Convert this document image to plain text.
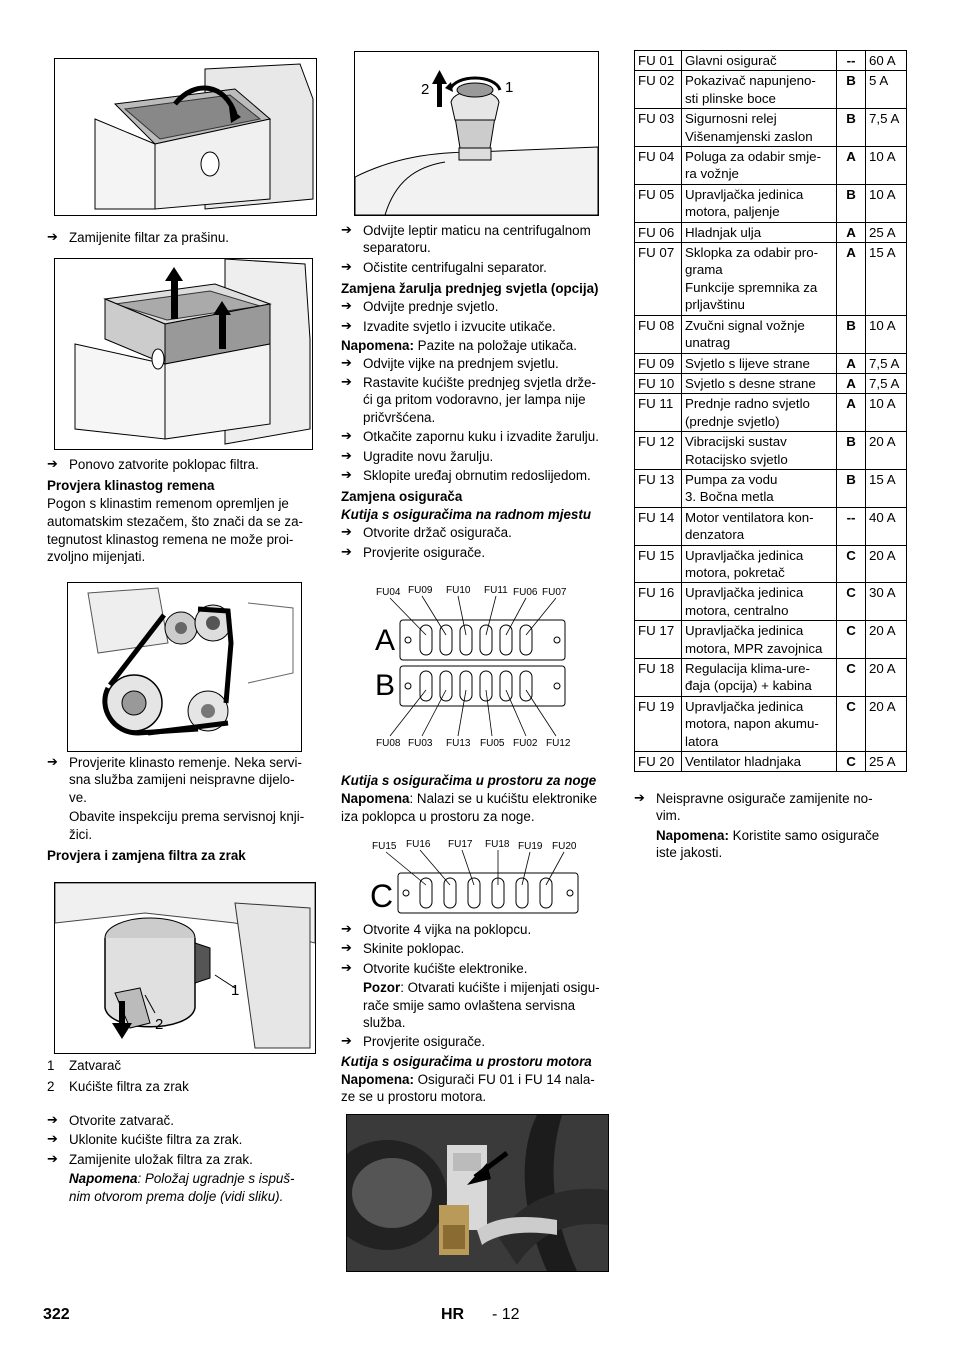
➔ Zamijenite filtar za prašinu.
➔ Ponovo zatvorite poklopac filtra.
Provjera klinastog remena
Pogon s klinastim remenom opremljen je
automatskim stezačem, što znači da se za-
tegnutost klinastog remena ne može proi-
zvoljno mijenjati.
➔ Provjerite klinasto remenje. Neka servi-
sna služba zamijeni neispravne dijelo-
ve.
Obavite inspekciju prema servisnoj knji-
žici.
Provjera i zamjena filtra za zrak
1
2
1 Zatvarač
2 Kućište filtra za zrak
➔ Otvorite zatvarač.
➔ Uklonite kućište filtra za zrak.
➔ Zamijenite uložak filtra za zrak.
Napomena: Položaj ugradnje s ispuš-
nim otvorom prema dolje (vidi sliku).
2	1
➔ Odvijte leptir maticu na centrifugalnom
separatoru.
➔ Očistite centrifugalni separator.
Zamjena žarulja prednjeg svjetla (opcija)
➔ Odvijte prednje svjetlo.
➔ Izvadite svjetlo i izvucite utikače.
Napomena: Pazite na položaje utikača.
➔ Odvijte vijke na prednjem svjetlu.
➔ Rastavite kućište prednjeg svjetla drže-
ći ga pritom vodoravno, jer lampa nije
pričvršćena.
➔ Otkačite zapornu kuku i izvadite žarulju.
➔ Ugradite novu žarulju.
➔ Sklopite uređaj obrnutim redoslijedom.
Zamjena osigurača
Kutija s osiguračima na radnom mjestu
➔ Otvorite držač osigurača.
➔ Provjerite osigurače.
FU04 FU09 FU10 FU11 FU06 FU07
FU08 FU03 FU13 FU05 FU02 FU12
A
B
Kutija s osiguračima u prostoru za noge
Napomena: Nalazi se u kućištu elektronike
iza poklopca u prostoru za noge.
FU15 FU16 FU17 FU18 FU19 FU20
C
➔ Otvorite 4 vijka na poklopcu.
➔ Skinite poklopac.
➔ Otvorite kućište elektronike.
Pozor: Otvarati kućište i mijenjati osigu-
rače smije samo ovlaštena servisna
služba.
➔ Provjerite osigurače.
Kutija s osiguračima u prostoru motora
Napomena: Osigurači FU 01 i FU 14 nala-
ze se u prostoru motora.
FU 01	Glavni osigurač	--	60 A
FU 02	Pokazivač napunjeno-
sti plinske boce	B	5 A
FU 03	Sigurnosni relej
Višenamjenski zaslon	B	7,5 A
FU 04	Poluga za odabir smje-
ra vožnje	A	10 A
FU 05	Upravljačka jedinica
motora, paljenje	B	10 A
FU 06	Hladnjak ulja	A	25 A
FU 07	Sklopka za odabir pro-
grama
Funkcije spremnika za
prljavštinu	A	15 A
FU 08	Zvučni signal vožnje
unatrag	B	10 A
FU 09	Svjetlo s lijeve strane	A	7,5 A
FU 10	Svjetlo s desne strane	A	7,5 A
FU 11	Prednje radno svjetlo
(prednje svjetlo)	A	10 A
FU 12	Vibracijski sustav
Rotacijsko svjetlo	B	20 A
FU 13	Pumpa za vodu
3. Bočna metla	B	15 A
FU 14	Motor ventilatora kon-
denzatora	--	40 A
FU 15	Upravljačka jedinica
motora, pokretač	C	20 A
FU 16	Upravljačka jedinica
motora, centralno	C	30 A
FU 17	Upravljačka jedinica
motora, MPR zavojnica	C	20 A
FU 18	Regulacija klima-ure-
đaja (opcija) + kabina	C	20 A
FU 19	Upravljačka jedinica
motora, napon akumu-
latora	C	20 A
FU 20	Ventilator hladnjaka	C	25 A
➔ Neispravne osigurače zamijenite no-
vim.
Napomena: Koristite samo osigurače
iste jakosti.
322	HR - 12
